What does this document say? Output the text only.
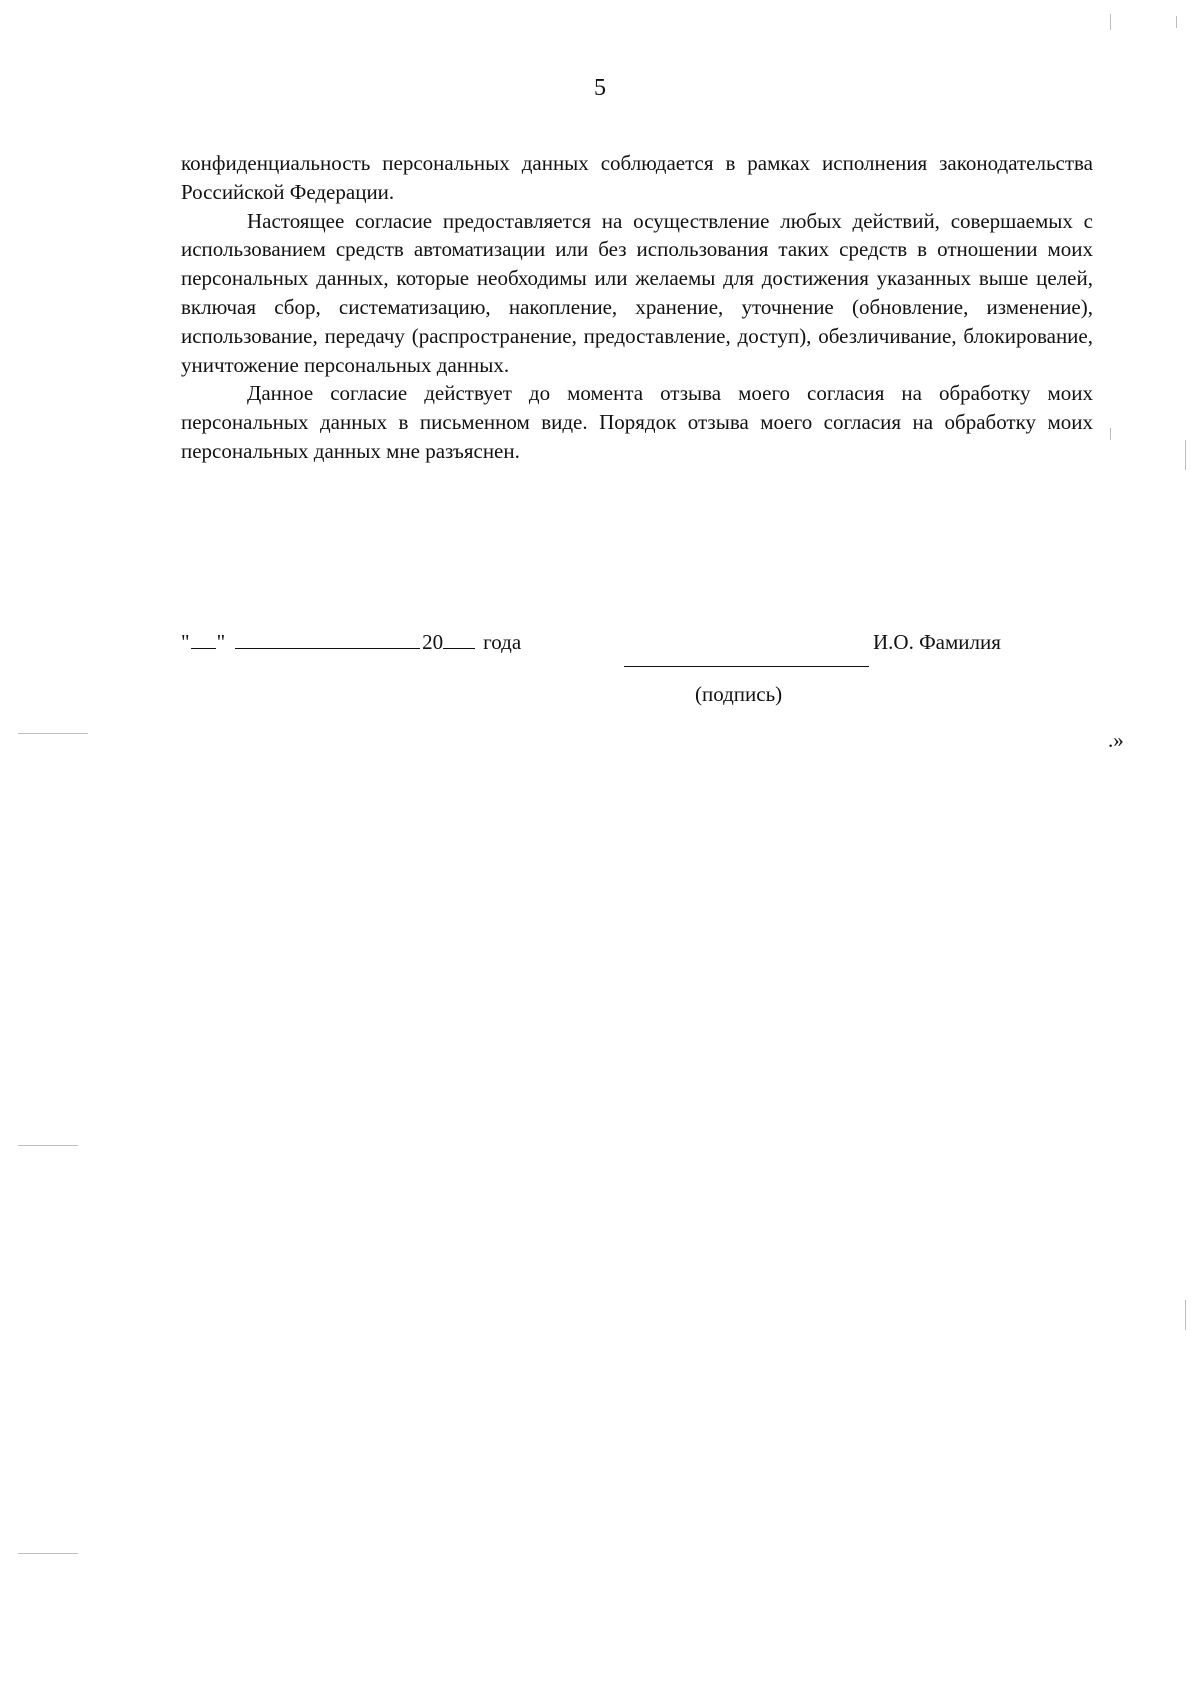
5

конфиденциальность персональных данных соблюдается в рамках исполнения законодательства Российской Федерации.

Настоящее согласие предоставляется на осуществление любых действий, совершаемых с использованием средств автоматизации или без использования таких средств в отношении моих персональных данных, которые необходимы или желаемы для достижения указанных выше целей, включая сбор, систематизацию, накопление, хранение, уточнение (обновление, изменение), использование, передачу (распространение, предоставление, доступ), обезличивание, блокирование, уничтожение персональных данных.

Данное согласие действует до момента отзыва моего согласия на обработку моих персональных данных в письменном виде. Порядок отзыва моего согласия на обработку моих персональных данных мне разъяснен.

" "	20 года	И.О. Фамилия
(подпись)
.»
